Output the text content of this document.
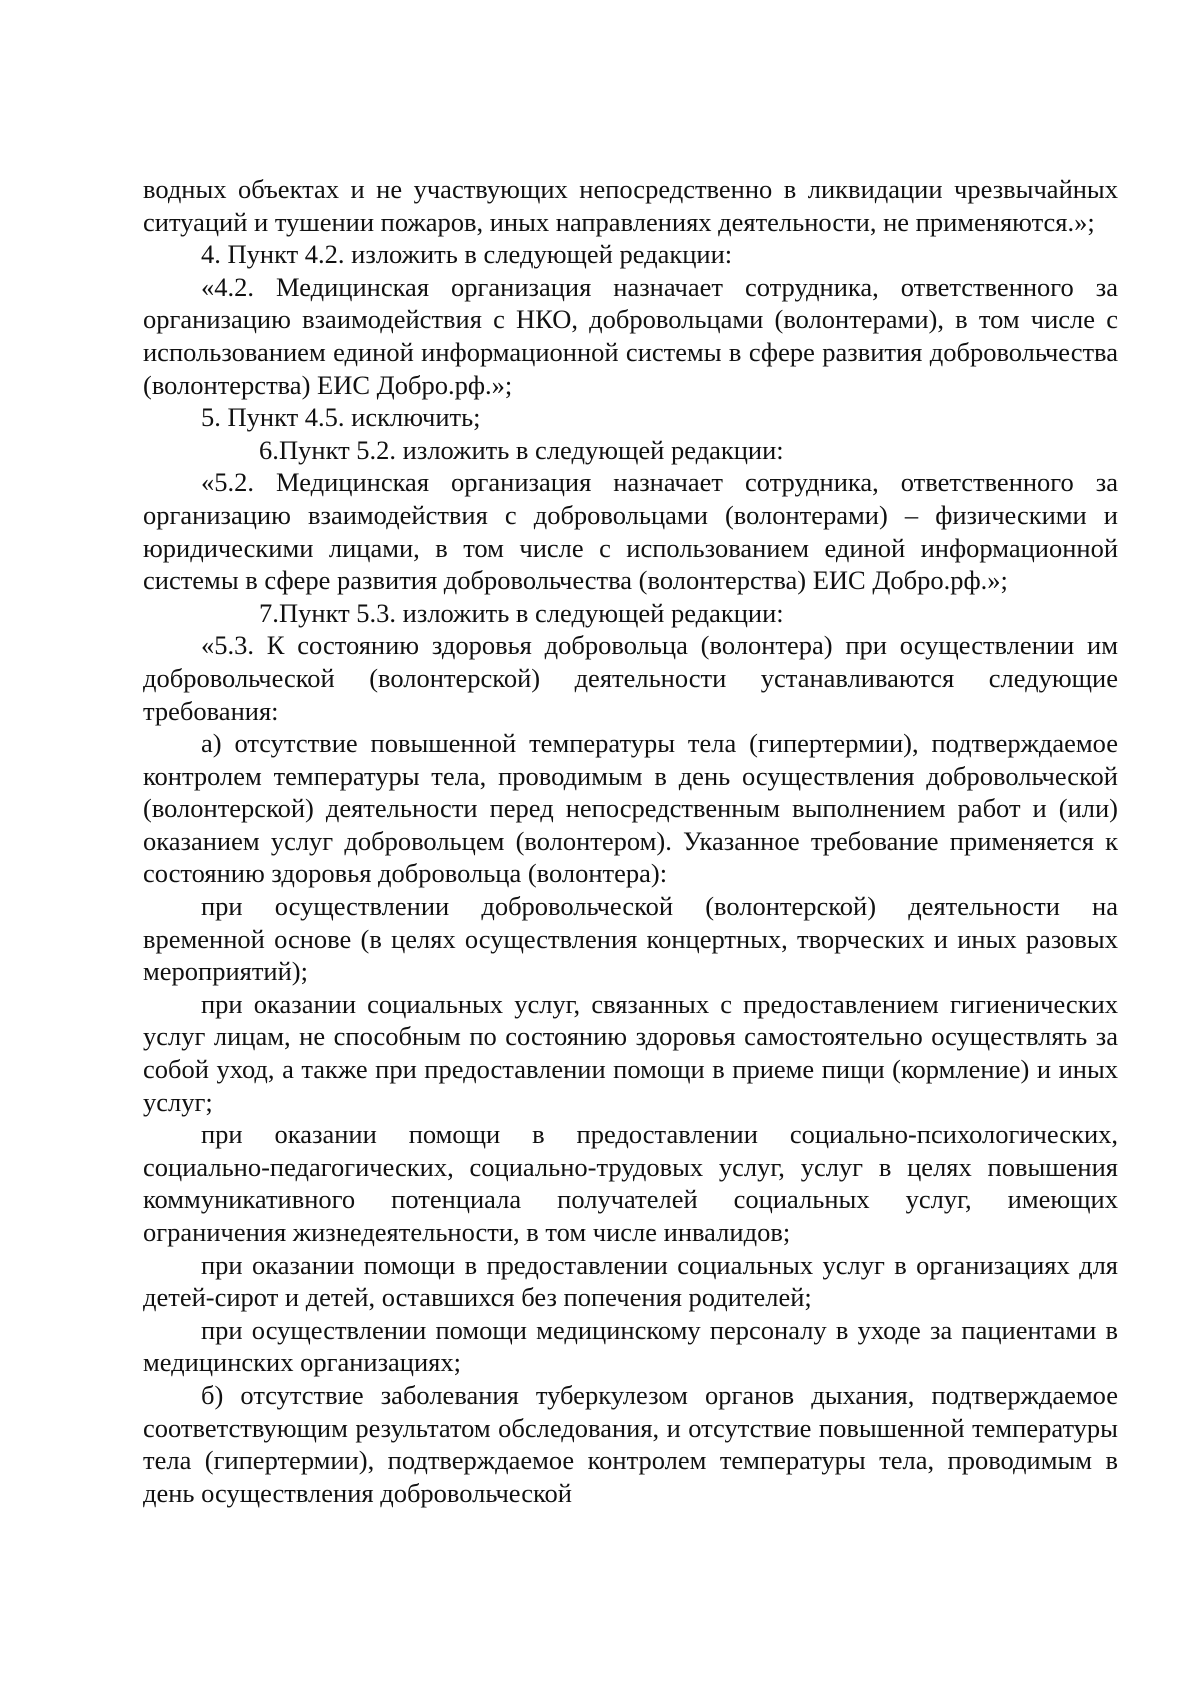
водных объектах и не участвующих непосредственно в ликвидации чрезвычайных ситуаций и тушении пожаров, иных направлениях деятельности, не применяются.»;

4. Пункт 4.2. изложить в следующей редакции:

«4.2. Медицинская организация назначает сотрудника, ответственного за организацию взаимодействия с НКО, добровольцами (волонтерами), в том числе с использованием единой информационной системы в сфере развития добровольчества (волонтерства) ЕИС Добро.рф.»;

5. Пункт 4.5. исключить;

6.Пункт 5.2. изложить в следующей редакции:

«5.2. Медицинская организация назначает сотрудника, ответственного за организацию взаимодействия с добровольцами (волонтерами) – физическими и юридическими лицами, в том числе с использованием единой информационной системы в сфере развития добровольчества (волонтерства) ЕИС Добро.рф.»;

7.Пункт 5.3. изложить в следующей редакции:

«5.3. К состоянию здоровья добровольца (волонтера) при осуществлении им добровольческой (волонтерской) деятельности устанавливаются следующие требования:

а) отсутствие повышенной температуры тела (гипертермии), подтверждаемое контролем температуры тела, проводимым в день осуществления добровольческой (волонтерской) деятельности перед непосредственным выполнением работ и (или) оказанием услуг добровольцем (волонтером). Указанное требование применяется к состоянию здоровья добровольца (волонтера):

при осуществлении добровольческой (волонтерской) деятельности на временной основе (в целях осуществления концертных, творческих и иных разовых мероприятий);

при оказании социальных услуг, связанных с предоставлением гигиенических услуг лицам, не способным по состоянию здоровья самостоятельно осуществлять за собой уход, а также при предоставлении помощи в приеме пищи (кормление) и иных услуг;

при оказании помощи в предоставлении социально-психологических, социально-педагогических, социально-трудовых услуг, услуг в целях повышения коммуникативного потенциала получателей социальных услуг, имеющих ограничения жизнедеятельности, в том числе инвалидов;

при оказании помощи в предоставлении социальных услуг в организациях для детей-сирот и детей, оставшихся без попечения родителей;

при осуществлении помощи медицинскому персоналу в уходе за пациентами в медицинских организациях;

б) отсутствие заболевания туберкулезом органов дыхания, подтверждаемое соответствующим результатом обследования, и отсутствие повышенной температуры тела (гипертермии), подтверждаемое контролем температуры тела, проводимым в день осуществления добровольческой
